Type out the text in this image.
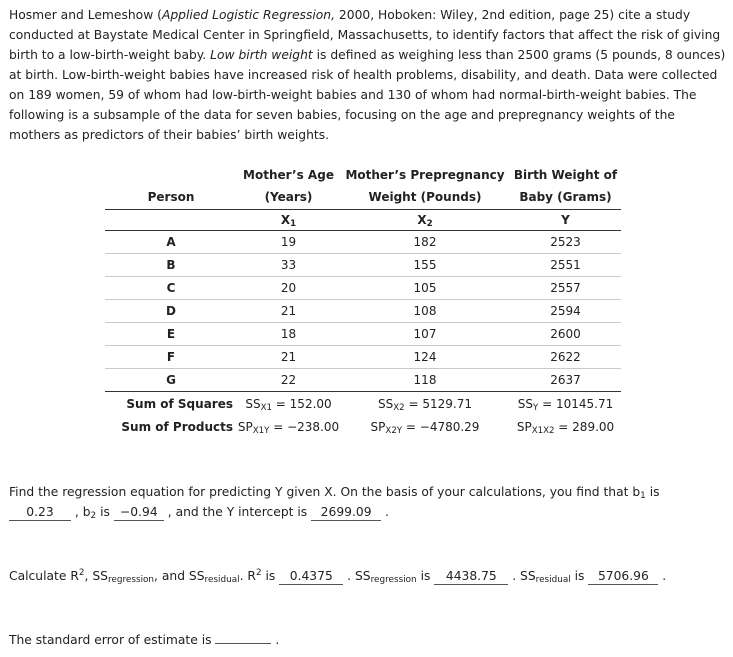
Hosmer and Lemeshow (Applied Logistic Regression, 2000, Hoboken: Wiley, 2nd edition, page 25) cite a study conducted at Baystate Medical Center in Springfield, Massachusetts, to identify factors that affect the risk of giving birth to a low-birth-weight baby. Low birth weight is defined as weighing less than 2500 grams (5 pounds, 8 ounces) at birth. Low-birth-weight babies have increased risk of health problems, disability, and death. Data were collected on 189 women, 59 of whom had low-birth-weight babies and 130 of whom had normal-birth-weight babies. The following is a subsample of the data for seven babies, focusing on the age and prepregnancy weights of the mothers as predictors of their babies’ birth weights.

	Mother’s Age	Mother’s Prepregnancy	Birth Weight of
Person	(Years)	Weight (Pounds)	Baby (Grams)
	$X_1$	$X_2$	Y
A	19	182	2523
B	33	155	2551
C	20	105	2557
D	21	108	2594
E	18	107	2600
F	21	124	2622
G	22	118	2637
Sum of Squares	$SS_{X1} = 152.00$	$SS_{X2} = 5129.71$	$SS_Y = 10145.71$
Sum of Products	$SP_{X1Y} = -238.00$	$SP_{X2Y} = -4780.29$	$SP_{X1X2} = 289.00$

Find the regression equation for predicting Y given X. On the basis of your calculations, you find that $b_1$ is

0.23 , $b_2$ is −0.94 , and the Y intercept is 2699.09 .

Calculate $R^2$, $SS_{regression}$, and $SS_{residual}$. $R^2$ is 0.4375 . $SS_{regression}$ is 4438.75 . $SS_{residual}$ is 5706.96 .

The standard error of estimate is	.
